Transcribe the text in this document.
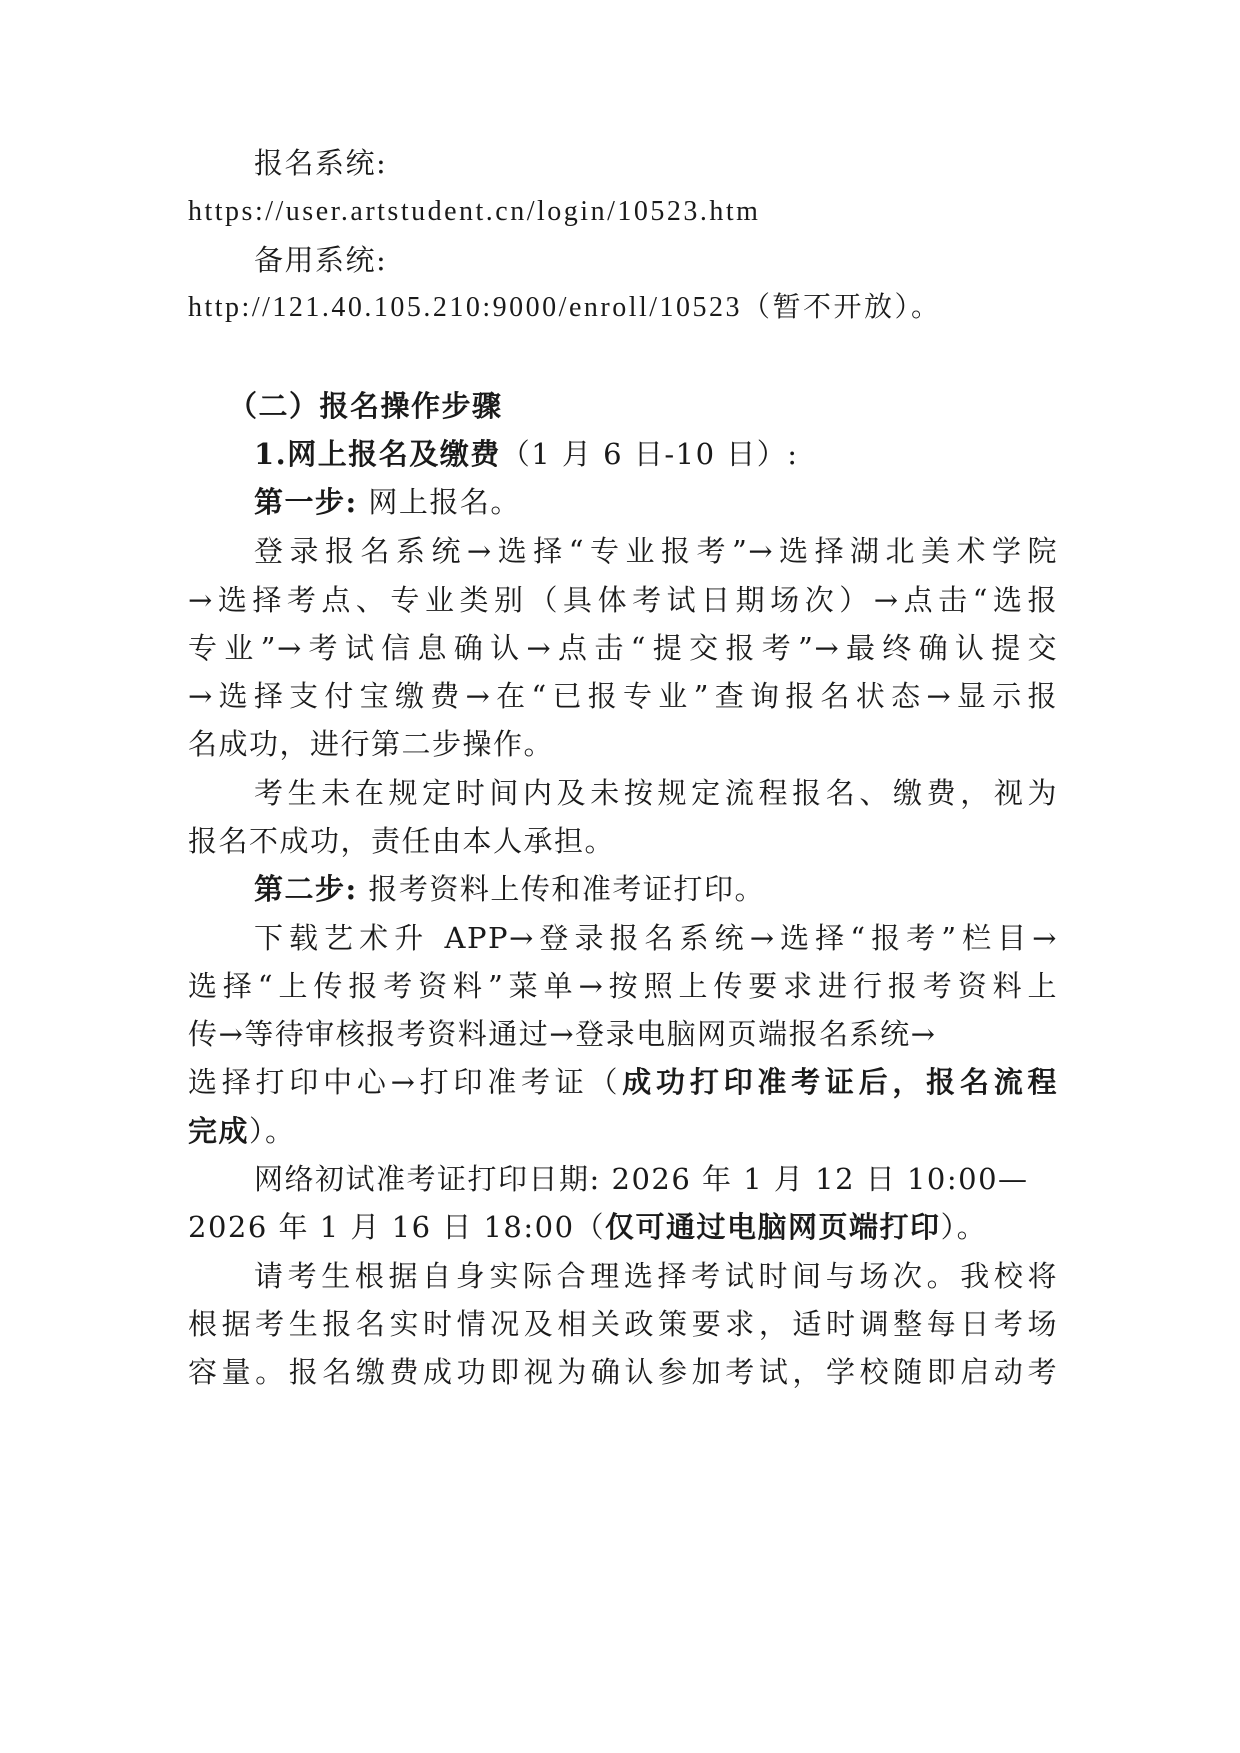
报名系统:
https://user.artstudent.cn/login/10523.htm
备用系统:
http://121.40.105.210:9000/enroll/10523（暂不开放）。
（二）报名操作步骤
1.网上报名及缴费（1 月 6 日-10 日）:
第一步: 网上报名。
登录报名系统→选择“专业报考”→选择湖北美术学院
→选择考点、专业类别（具体考试日期场次）→点击“选报
专业”→考试信息确认→点击“提交报考”→最终确认提交
→选择支付宝缴费→在“已报专业”查询报名状态→显示报
名成功，进行第二步操作。
考生未在规定时间内及未按规定流程报名、缴费，视为
报名不成功，责任由本人承担。
第二步: 报考资料上传和准考证打印。
下载艺术升 APP→登录报名系统→选择“报考”栏目→
选择“上传报考资料”菜单→按照上传要求进行报考资料上
传→等待审核报考资料通过→登录电脑网页端报名系统→
选择打印中心→打印准考证（成功打印准考证后，报名流程
完成）。
网络初试准考证打印日期: 2026 年 1 月 12 日 10:00—
2026 年 1 月 16 日 18:00（仅可通过电脑网页端打印）。
请考生根据自身实际合理选择考试时间与场次。我校将
根据考生报名实时情况及相关政策要求，适时调整每日考场
容量。报名缴费成功即视为确认参加考试，学校随即启动考
